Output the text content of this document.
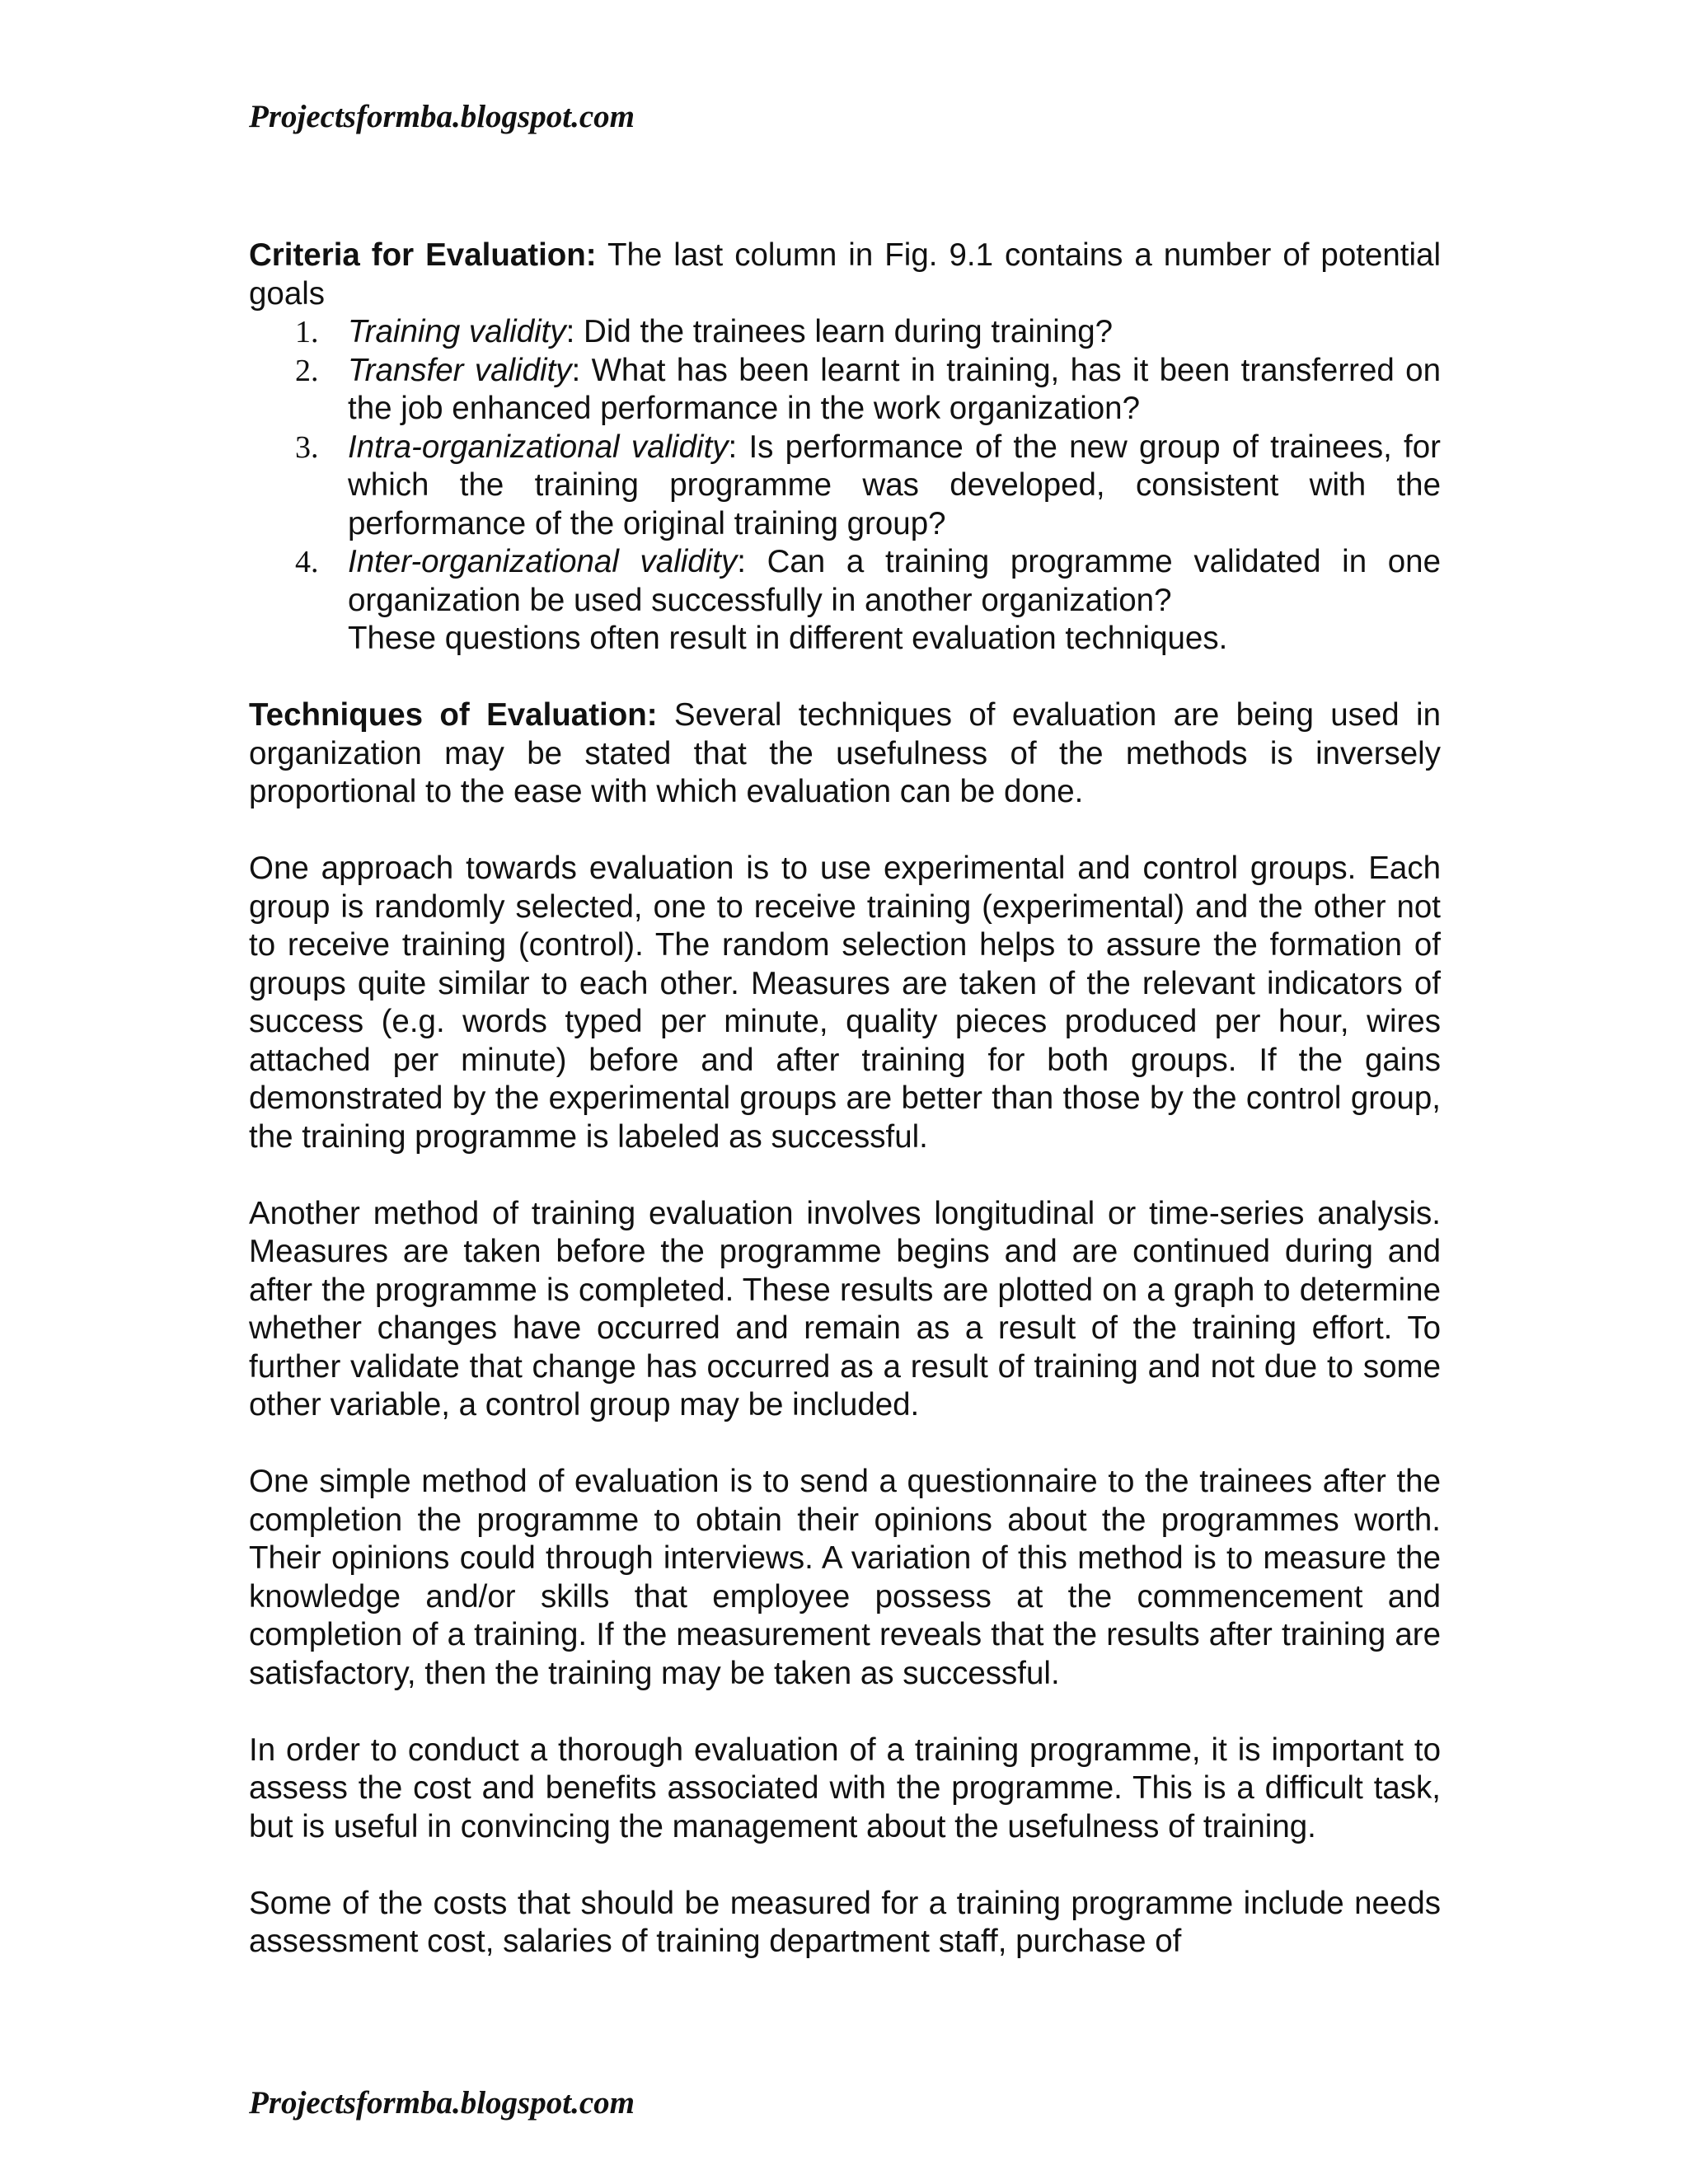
Projectsformba.blogspot.com

Criteria for Evaluation: The last column in Fig. 9.1 contains a number of potential goals

1. Training validity: Did the trainees learn during training?
2. Transfer validity: What has been learnt in training, has it been transferred on the job enhanced performance in the work organization?
3. Intra-organizational validity: Is performance of the new group of trainees, for which the training programme was developed, consistent with the performance of the original training group?
4. Inter-organizational validity: Can a training programme validated in one organization be used successfully in another organization?

These questions often result in different evaluation techniques.

Techniques of Evaluation: Several techniques of evaluation are being used in organization may be stated that the usefulness of the methods is inversely proportional to the ease with which evaluation can be done.

One approach towards evaluation is to use experimental and control groups. Each group is randomly selected, one to receive training (experimental) and the other not to receive training (control). The random selection helps to assure the formation of groups quite similar to each other. Measures are taken of the relevant indicators of success (e.g. words typed per minute, quality pieces produced per hour, wires attached per minute) before and after training for both groups. If the gains demonstrated by the experimental groups are better than those by the control group, the training programme is labeled as successful.

Another method of training evaluation involves longitudinal or time-series analysis. Measures are taken before the programme begins and are continued during and after the programme is completed. These results are plotted on a graph to determine whether changes have occurred and remain as a result of the training effort. To further validate that change has occurred as a result of training and not due to some other variable, a control group may be included.

One simple method of evaluation is to send a questionnaire to the trainees after the completion the programme to obtain their opinions about the programmes worth. Their opinions could through interviews. A variation of this method is to measure the knowledge and/or skills that employee possess at the commencement and completion of a training. If the measurement reveals that the results after training are satisfactory, then the training may be taken as successful.

In order to conduct a thorough evaluation of a training programme, it is important to assess the cost and benefits associated with the programme. This is a difficult task, but is useful in convincing the management about the usefulness of training.

Some of the costs that should be measured for a training programme include needs assessment cost, salaries of training department staff, purchase of

Projectsformba.blogspot.com
